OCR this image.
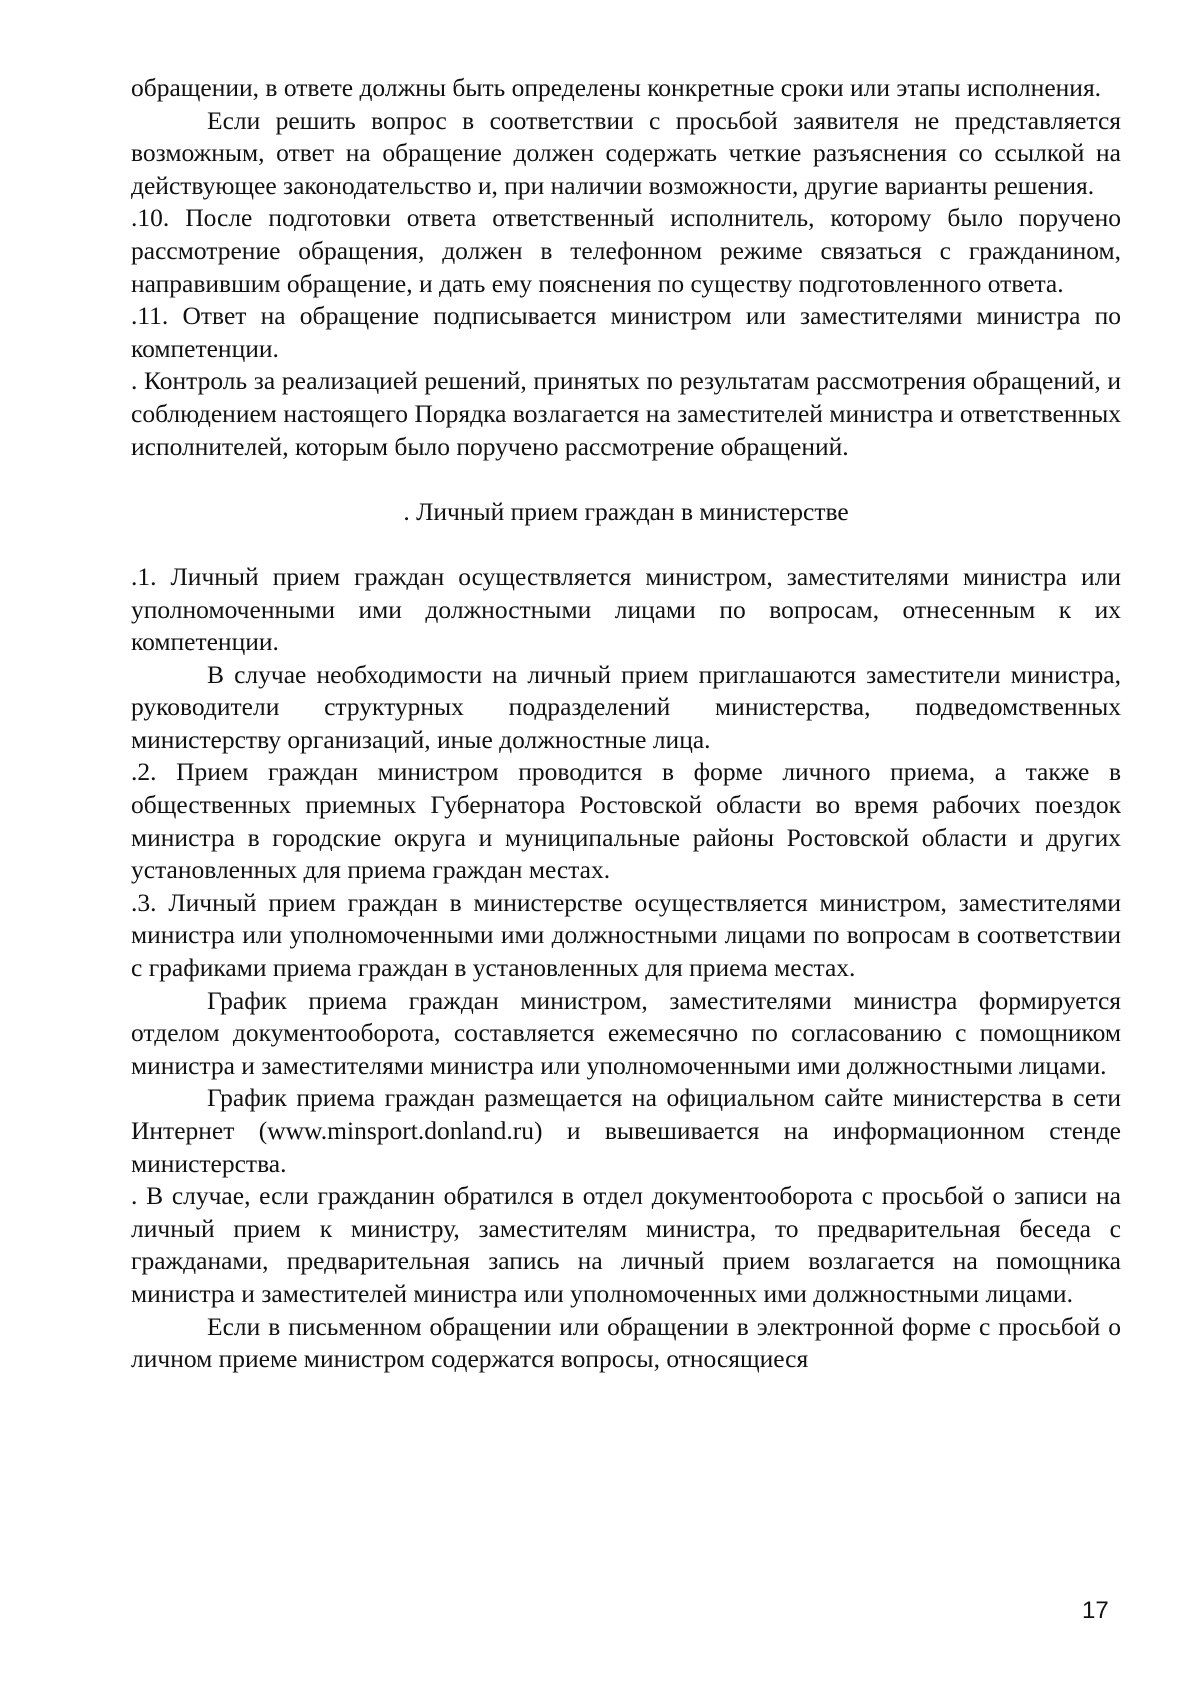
обращении, в ответе должны быть определены конкретные сроки или этапы исполнения.

Если решить вопрос в соответствии с просьбой заявителя не представляется возможным, ответ на обращение должен содержать четкие разъяснения со ссылкой на действующее законодательство и, при наличии возможности, другие варианты решения.

.10. После подготовки ответа ответственный исполнитель, которому было поручено рассмотрение обращения, должен в телефонном режиме связаться с гражданином, направившим обращение, и дать ему пояснения по существу подготовленного ответа.

.11. Ответ на обращение подписывается министром или заместителями министра по компетенции.

. Контроль за реализацией решений, принятых по результатам рассмотрения обращений, и соблюдением настоящего Порядка возлагается на заместителей министра и ответственных исполнителей, которым было поручено рассмотрение обращений.

. Личный прием граждан в министерстве

.1. Личный прием граждан осуществляется министром, заместителями министра или уполномоченными ими должностными лицами по вопросам, отнесенным к их компетенции.

В случае необходимости на личный прием приглашаются заместители министра, руководители структурных подразделений министерства, подведомственных министерству организаций, иные должностные лица.

.2. Прием граждан министром проводится в форме личного приема, а также в общественных приемных Губернатора Ростовской области во время рабочих поездок министра в городские округа и муниципальные районы Ростовской области и других установленных для приема граждан местах.

.3. Личный прием граждан в министерстве осуществляется министром, заместителями министра или уполномоченными ими должностными лицами по вопросам в соответствии с графиками приема граждан в установленных для приема местах.

График приема граждан министром, заместителями министра формируется отделом документооборота, составляется ежемесячно по согласованию с помощником министра и заместителями министра или уполномоченными ими должностными лицами.

График приема граждан размещается на официальном сайте министерства в сети Интернет (www.minsport.donland.ru) и вывешивается на информационном стенде министерства.

. В случае, если гражданин обратился в отдел документооборота с просьбой о записи на личный прием к министру, заместителям министра, то предварительная беседа с гражданами, предварительная запись на личный прием возлагается на помощника министра и заместителей министра или уполномоченных ими должностными лицами.

Если в письменном обращении или обращении в электронной форме с просьбой о личном приеме министром содержатся вопросы, относящиеся

17
